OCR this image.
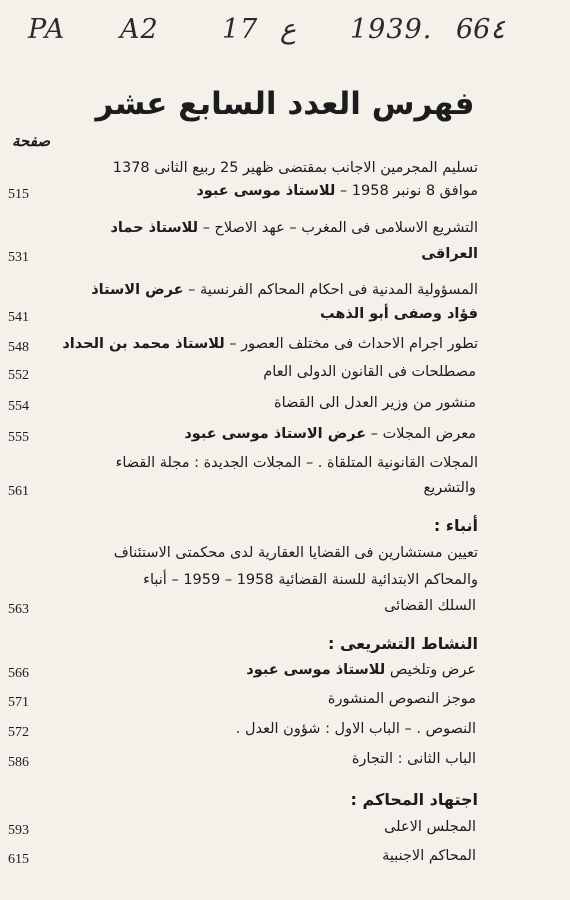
PA A2 17 ع 1939. 66٤
فهرس العدد السابع عشر
صفحة
تسليم المجرمين الاجانب بمقتضى ظهير 25 ربيع الثانى 1378
موافق 8 نونبر 1958 – للاستاذ موسى عبود
515
التشريع الاسلامى فى المغرب – عهد الاصلاح – للاستاذ حماد
العراقى
531
المسؤولية المدنية فى احكام المحاكم الفرنسية – عرض الاستاذ
فؤاد وصفى أبو الذهب
541
تطور اجرام الاحداث فى مختلف العصور – للاستاذ محمد بن الحداد
548
مصطلحات فى القانون الدولى العام
552
منشور من وزير العدل الى القضاة
554
معرض المجلات – عرض الاستاذ موسى عبود
555
المجلات القانونية المتلقاة . – المجلات الجديدة : مجلة القضاء
والتشريع
561
أنباء :
تعيين مستشارين فى القضايا العقارية لدى محكمتى الاستئناف
والمحاكم الابتدائية للسنة القضائية 1958 – 1959 – أنباء
السلك القضائى
563
النشاط التشريعى :
عرض وتلخيص للاستاذ موسى عبود
566
موجز النصوص المنشورة
571
النصوص . – الباب الاول : شؤون العدل .
572
الباب الثانى : التجارة
586
اجتهاد المحاكم :
المجلس الاعلى
593
المحاكم الاجنبية
615
